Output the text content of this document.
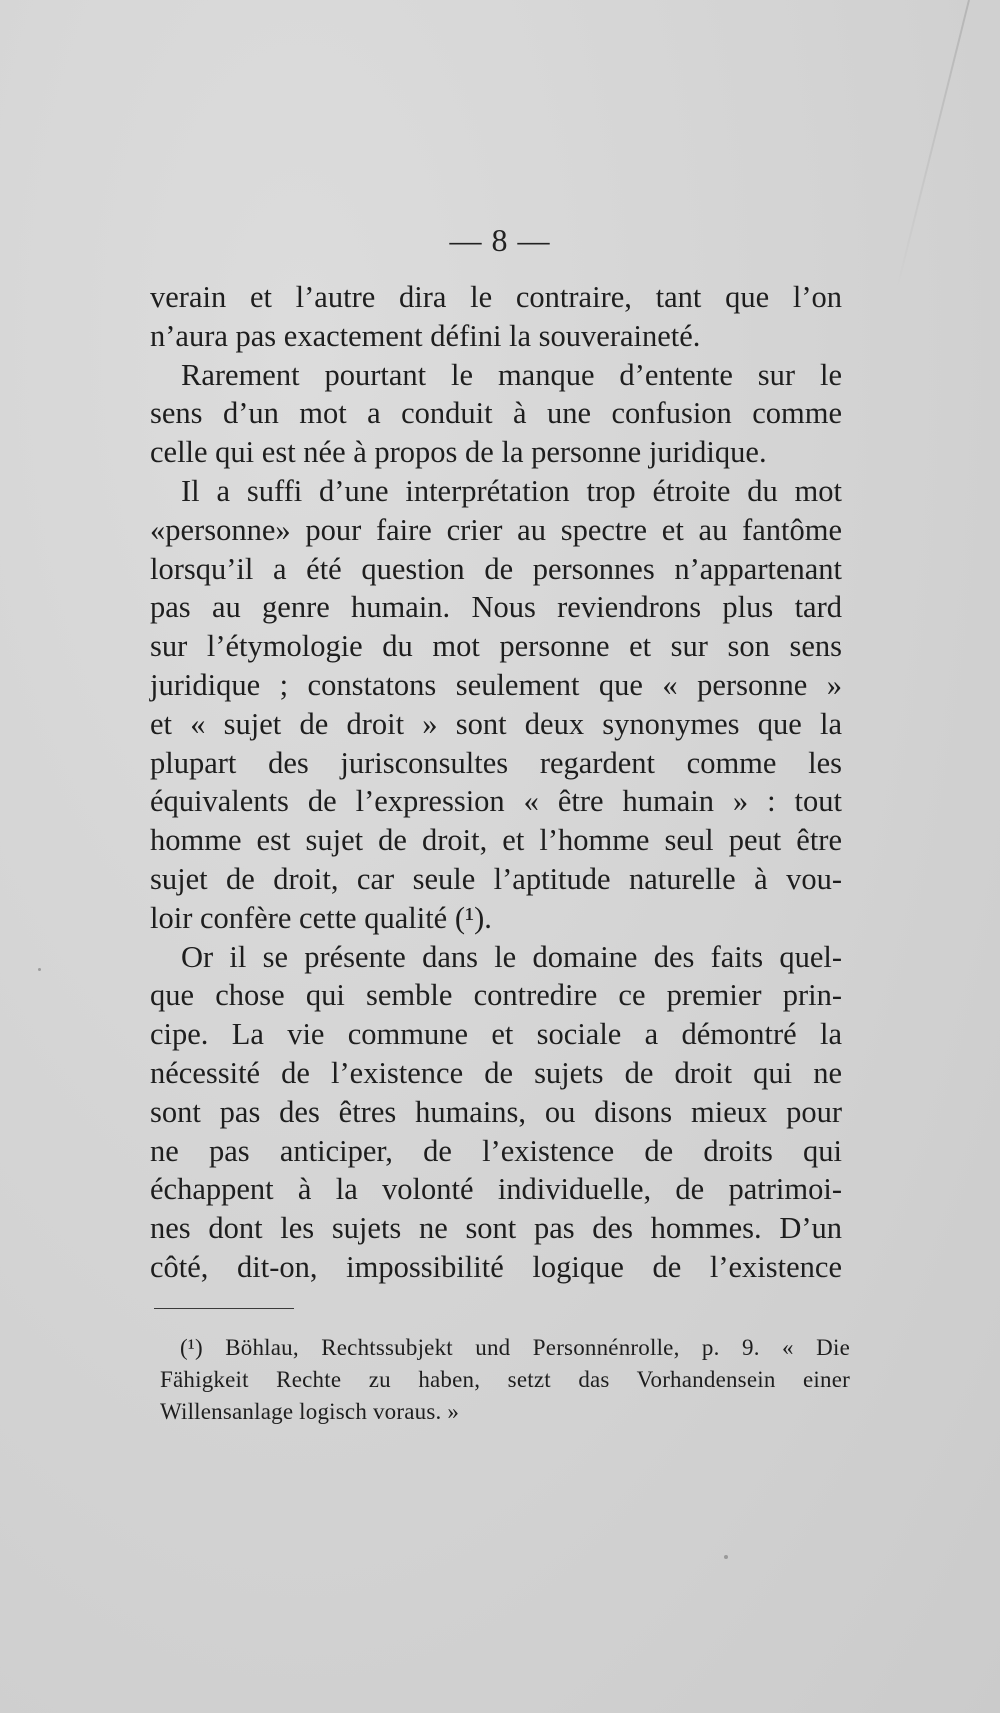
— 8 —
verain et l’autre dira le contraire, tant que l’on
n’aura pas exactement défini la souveraineté.
Rarement pourtant le manque d’entente sur le
sens d’un mot a conduit à une confusion comme
celle qui est née à propos de la personne juridique.
Il a suffi d’une interprétation trop étroite du mot
«personne» pour faire crier au spectre et au fantôme
lorsqu’il a été question de personnes n’appartenant
pas au genre humain. Nous reviendrons plus tard
sur l’étymologie du mot personne et sur son sens
juridique ; constatons seulement que « personne »
et « sujet de droit » sont deux synonymes que la
plupart des jurisconsultes regardent comme les
équivalents de l’expression « être humain » : tout
homme est sujet de droit, et l’homme seul peut être
sujet de droit, car seule l’aptitude naturelle à vou-
loir confère cette qualité (¹).
Or il se présente dans le domaine des faits quel-
que chose qui semble contredire ce premier prin-
cipe. La vie commune et sociale a démontré la
nécessité de l’existence de sujets de droit qui ne
sont pas des êtres humains, ou disons mieux pour
ne pas anticiper, de l’existence de droits qui
échappent à la volonté individuelle, de patrimoi-
nes dont les sujets ne sont pas des hommes. D’un
côté, dit-on, impossibilité logique de l’existence
(¹) Böhlau, Rechtssubjekt und Personnénrolle, p. 9. « Die
Fähigkeit Rechte zu haben, setzt das Vorhandensein einer
Willensanlage logisch voraus. »
